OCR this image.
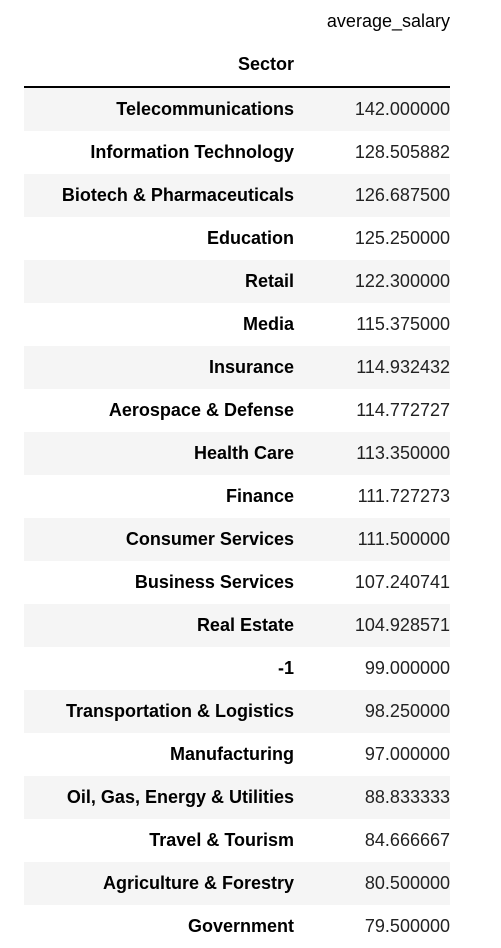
	average_salary
Sector	
Telecommunications	142.000000
Information Technology	128.505882
Biotech & Pharmaceuticals	126.687500
Education	125.250000
Retail	122.300000
Media	115.375000
Insurance	114.932432
Aerospace & Defense	114.772727
Health Care	113.350000
Finance	111.727273
Consumer Services	111.500000
Business Services	107.240741
Real Estate	104.928571
-1	99.000000
Transportation & Logistics	98.250000
Manufacturing	97.000000
Oil, Gas, Energy & Utilities	88.833333
Travel & Tourism	84.666667
Agriculture & Forestry	80.500000
Government	79.500000
